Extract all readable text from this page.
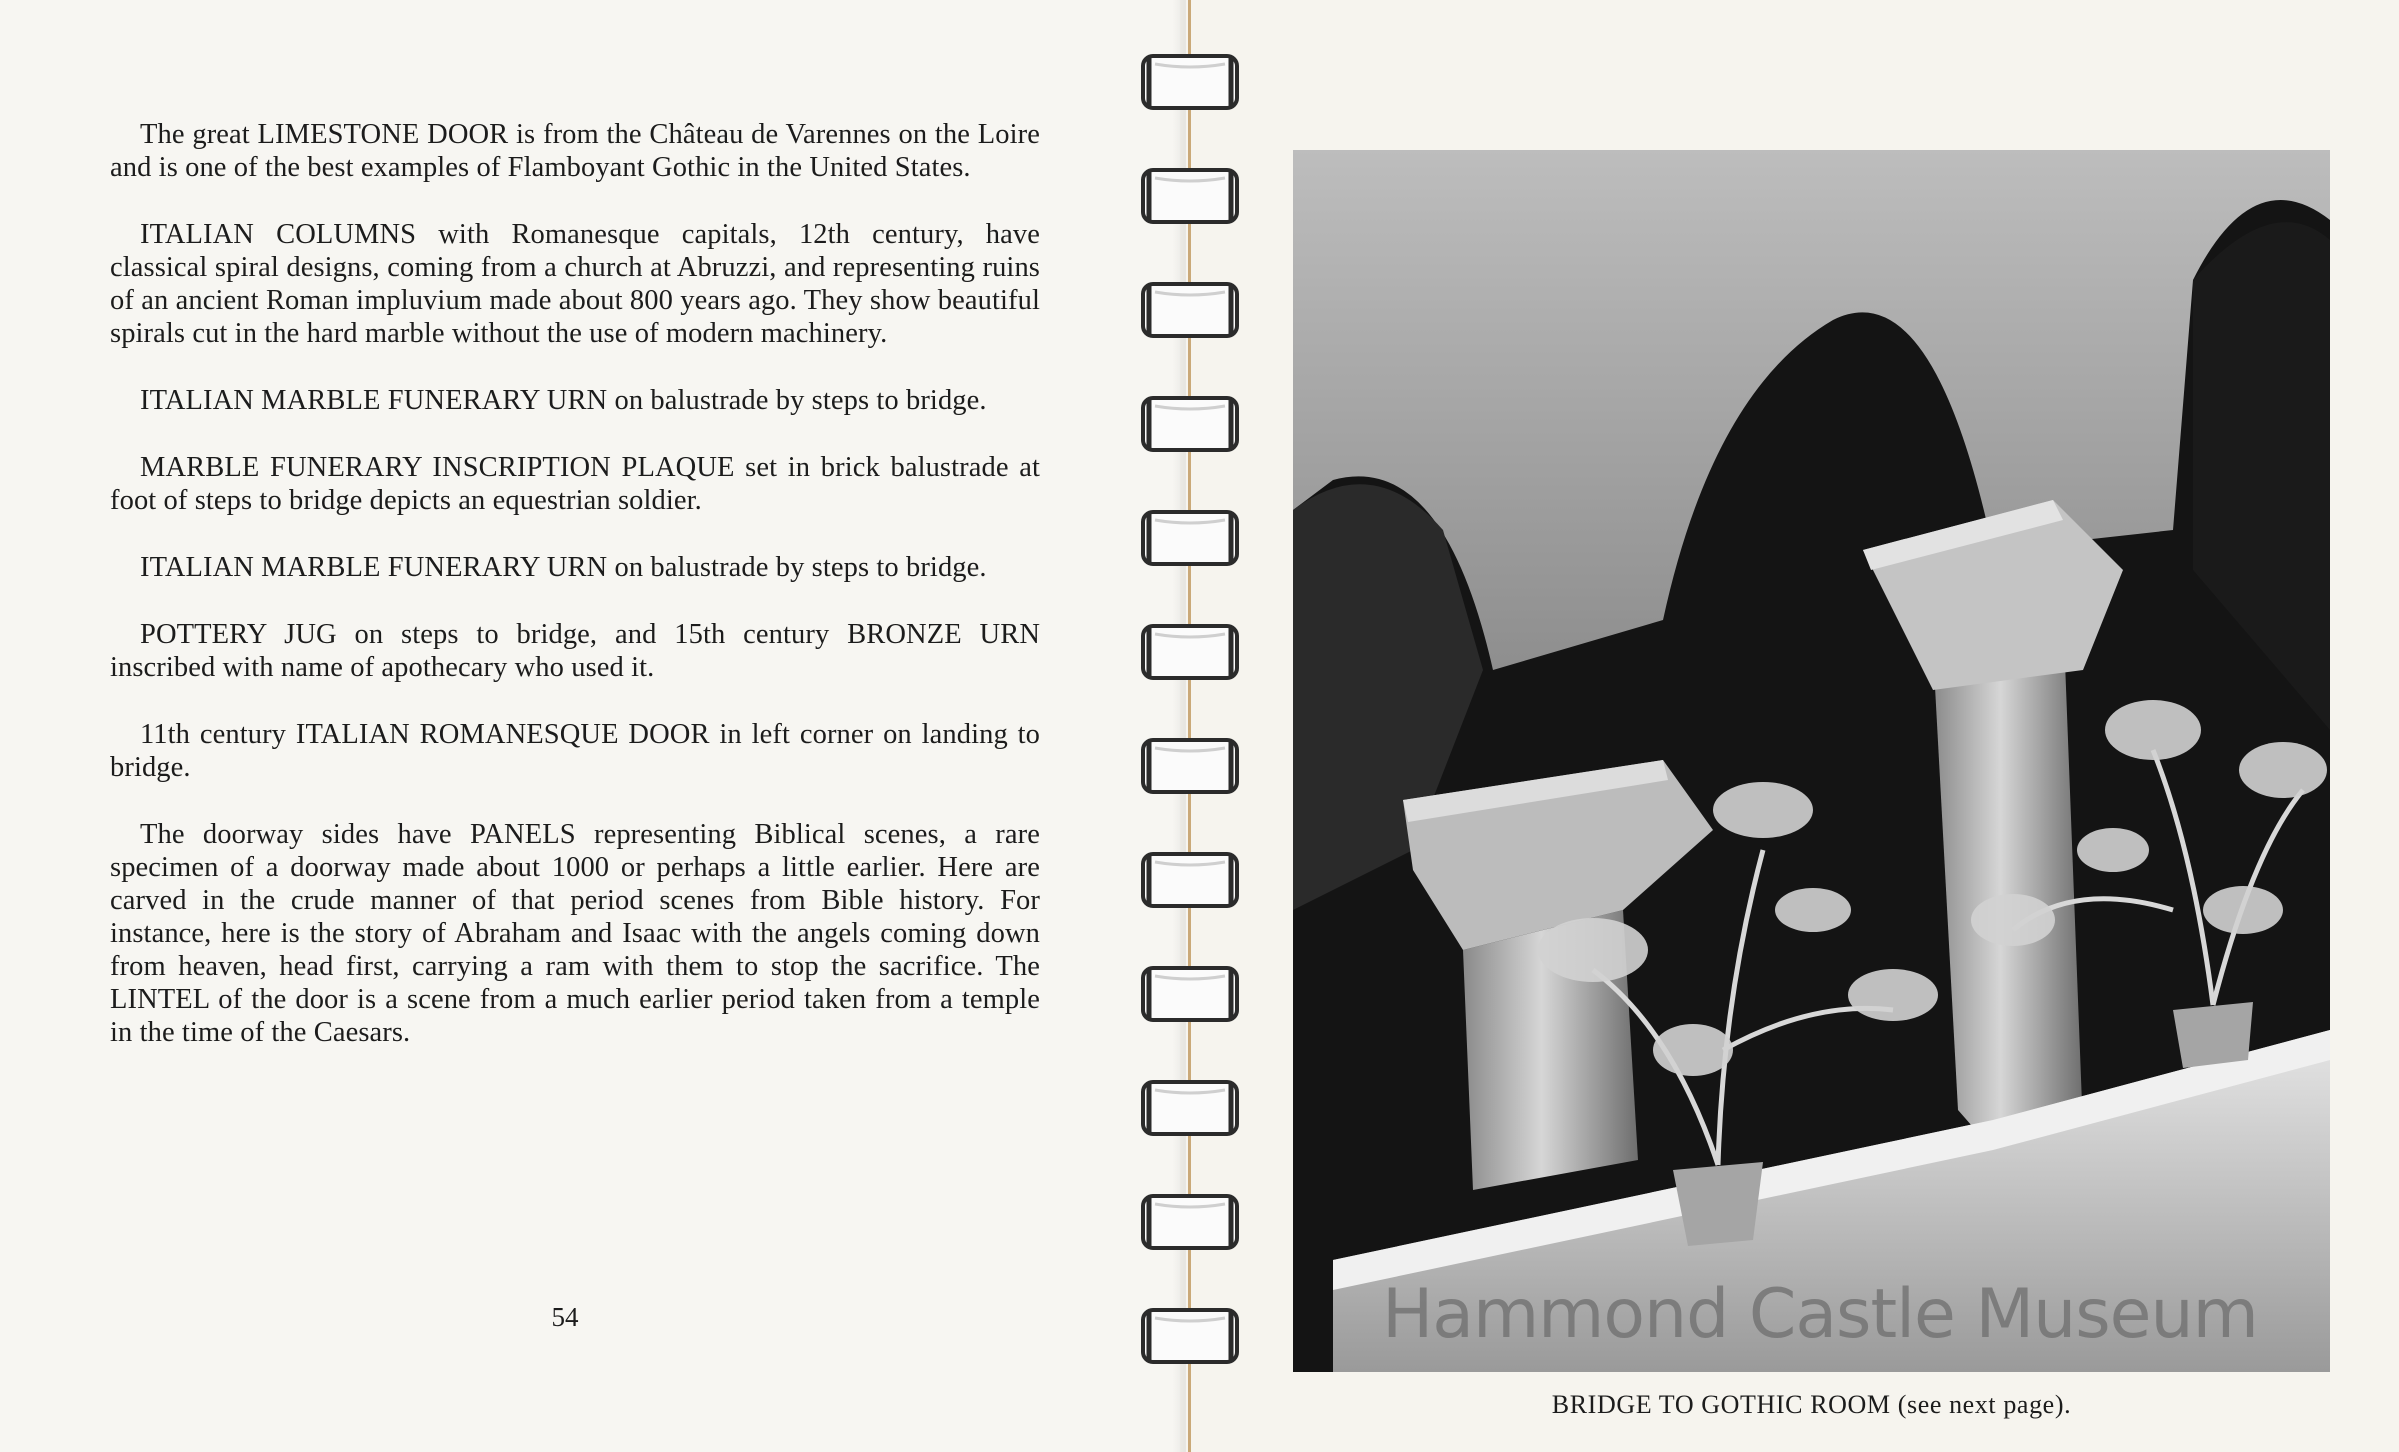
The great LIMESTONE DOOR is from the Château de Varennes on the Loire and is one of the best examples of Flamboyant Gothic in the United States.

ITALIAN COLUMNS with Romanesque capitals, 12th century, have classical spiral designs, coming from a church at Abruzzi, and representing ruins of an ancient Roman impluvium made about 800 years ago. They show beautiful spirals cut in the hard marble without the use of modern machinery.

ITALIAN MARBLE FUNERARY URN on balustrade by steps to bridge.

MARBLE FUNERARY INSCRIPTION PLAQUE set in brick balustrade at foot of steps to bridge depicts an equestrian soldier.

ITALIAN MARBLE FUNERARY URN on balustrade by steps to bridge.

POTTERY JUG on steps to bridge, and 15th century BRONZE URN inscribed with name of apothecary who used it.

11th century ITALIAN ROMANESQUE DOOR in left corner on landing to bridge.

The doorway sides have PANELS representing Biblical scenes, a rare specimen of a doorway made about 1000 or perhaps a little earlier. Here are carved in the crude manner of that period scenes from Bible history. For instance, here is the story of Abraham and Isaac with the angels coming down from heaven, head first, carrying a ram with them to stop the sacrifice. The LINTEL of the door is a scene from a much earlier period taken from a temple in the time of the Caesars.

54	Hammond Castle Museum
BRIDGE TO GOTHIC ROOM (see next page).
